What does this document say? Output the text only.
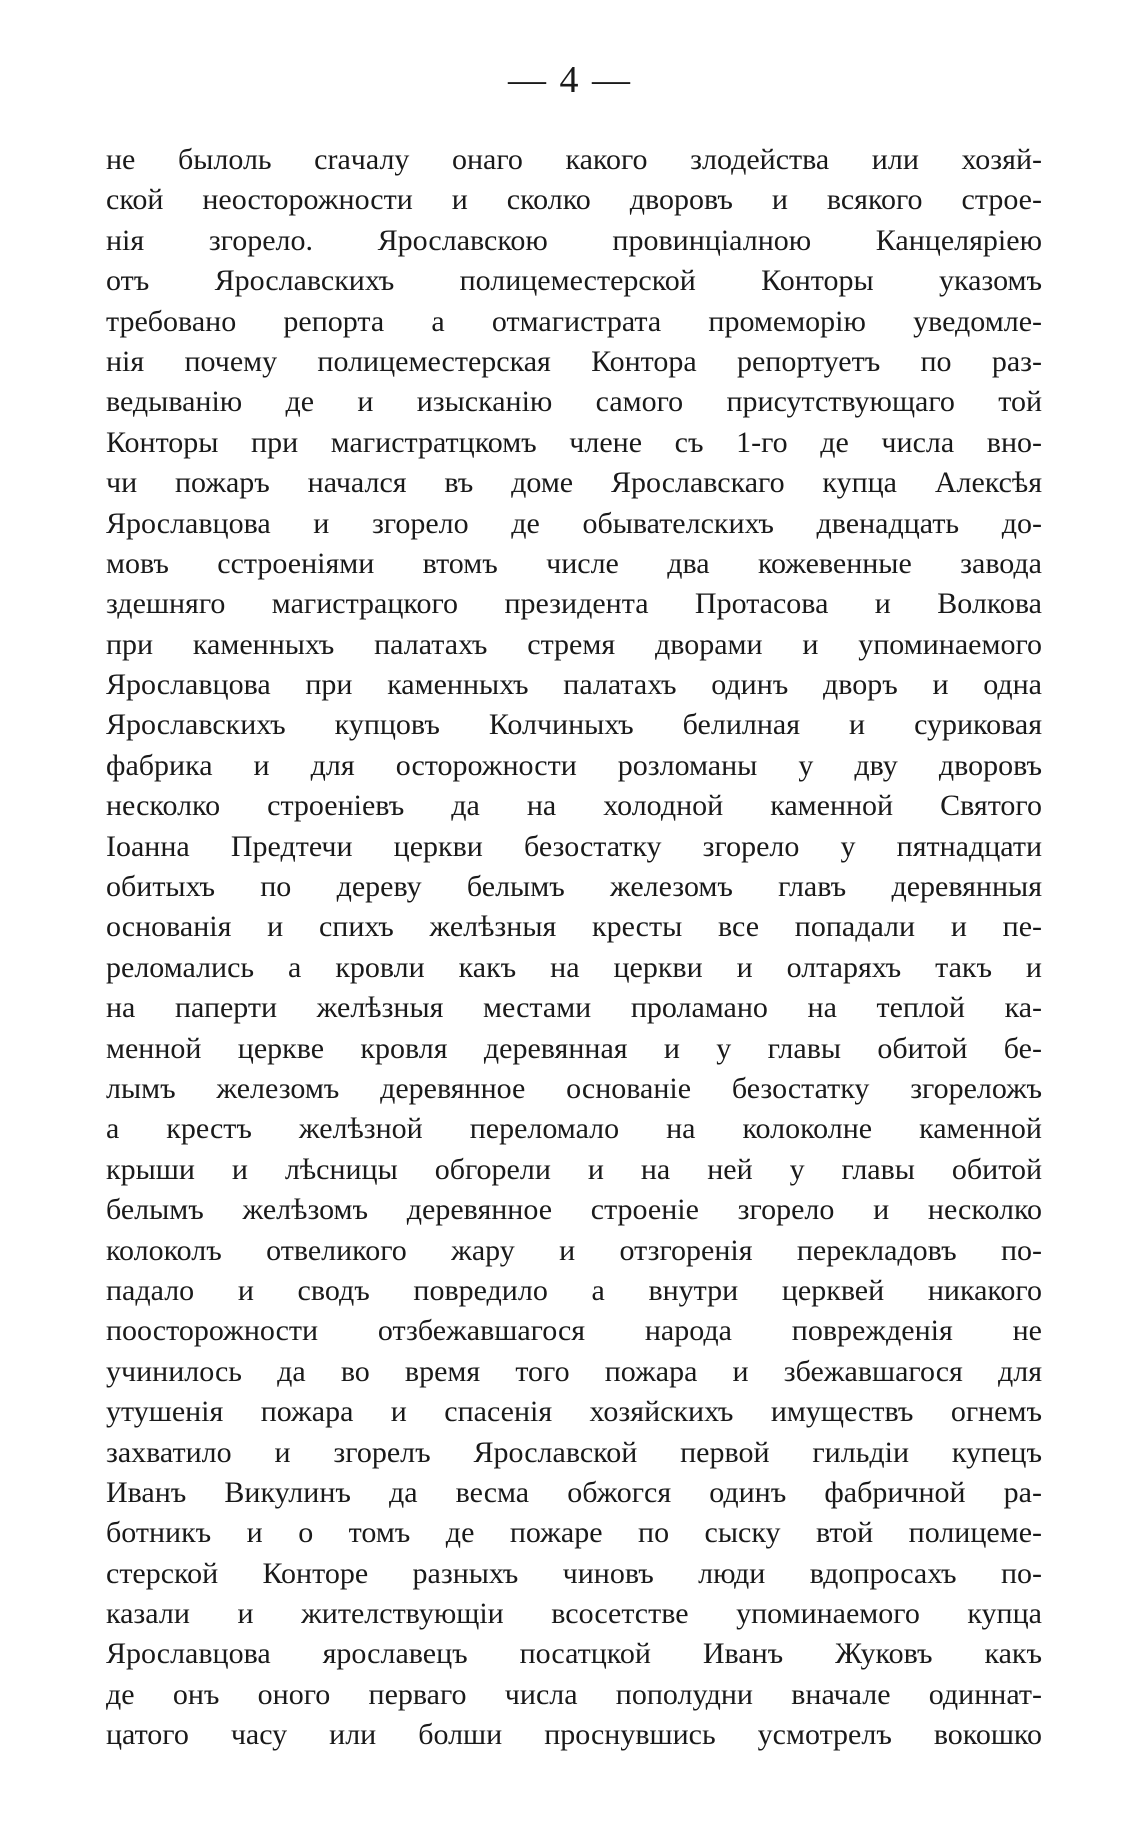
— 4 —
не былоль craчалу онаго какого злодейства или хозяй-
ской неосторожности и сколко дворовъ и всякого строе-
нія згорело. Ярославскою провинціалною Канцеляріею
отъ Ярославскихъ полицеместерской Конторы указомъ
требовано репорта а отмагистрата промеморію уведомле-
нія почему полицеместерская Контора репортуетъ по раз-
ведыванію де и изысканію самого присутствующаго той
Конторы при магистратцкомъ члене съ 1-го де числа вно-
чи пожаръ начался въ доме Ярославскаго купца Алексѣя
Ярославцова и згорело де обывателскихъ двенадцать до-
мовъ сстроеніями втомъ числе два кожевенные завода
здешняго магистрацкого президента Протасова и Волкова
при каменныхъ палатахъ стремя дворами и упоминаемого
Ярославцова при каменныхъ палатахъ одинъ дворъ и одна
Ярославскихъ купцовъ Колчиныхъ белилная и суриковая
фабрика и для осторожности розломаны у дву дворовъ
несколко строеніевъ да на холодной каменной Святого
Іоанна Предтечи церкви безостатку згорело у пятнадцати
обитыхъ по дереву белымъ железомъ главъ деревянныя
основанія и спихъ желѣзныя кресты все попадали и пе-
реломались а кровли какъ на церкви и олтаряхъ такъ и
на паперти желѣзныя местами проламано на теплой ка-
менной церкве кровля деревянная и у главы обитой бе-
лымъ железомъ деревянное основаніе безостатку згореложъ
а крестъ желѣзной переломало на колоколне каменной
крыши и лѣсницы обгорели и на ней у главы обитой
белымъ желѣзомъ деревянное строеніе згорело и несколко
колоколъ отвеликого жару и отзгоренія перекладовъ по-
падало и сводъ повредило а внутри церквей никакого
поосторожности отзбежавшагося народа поврежденія не
учинилось да во время того пожара и збежавшагося для
утушенія пожара и спасенія хозяйскихъ имуществъ огнемъ
захватило и згорелъ Ярославской первой гильдіи купецъ
Иванъ Викулинъ да весма обжогся одинъ фабричной ра-
ботникъ и о томъ де пожаре по сыску втой полицеме-
стерской Конторе разныхъ чиновъ люди вдопросахъ по-
казали и жителствующіи всосетстве упоминаемого купца
Ярославцова ярославецъ посатцкой Иванъ Жуковъ какъ
де онъ оного перваго числа пополудни вначале одиннат-
цатого часу или болши проснувшись усмотрелъ вокошко
